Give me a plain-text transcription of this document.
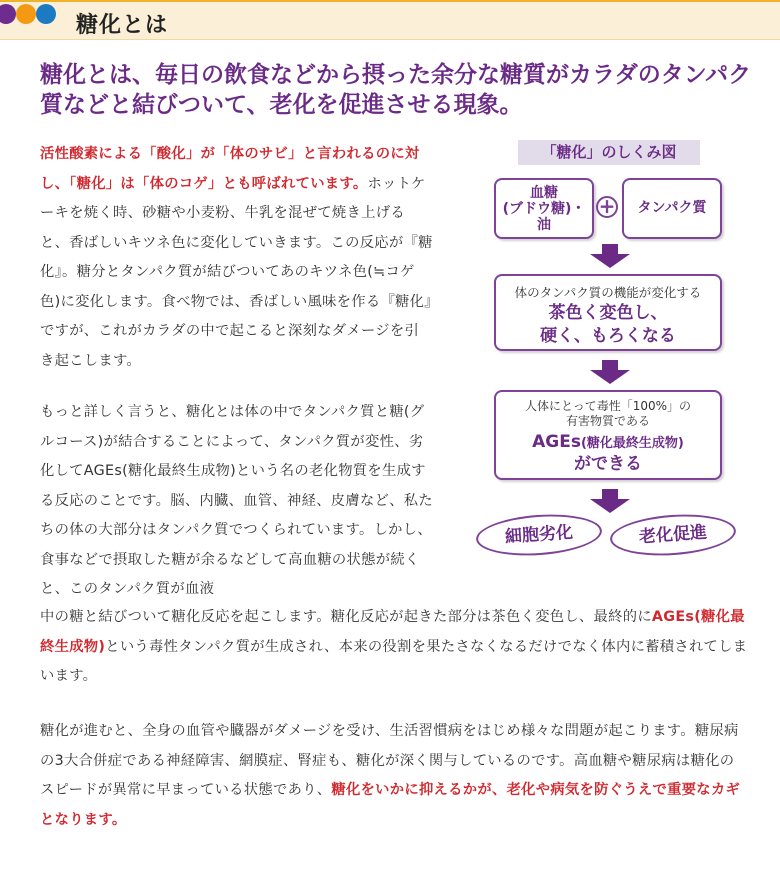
糖化とは
糖化とは、毎日の飲食などから摂った余分な糖質がカラダのタンパク質などと結びついて、老化を促進させる現象。

活性酸素による「酸化」が「体のサビ」と言われるのに対し、「糖化」は「体のコゲ」とも呼ばれています。ホットケーキを焼く時、砂糖や小麦粉、牛乳を混ぜて焼き上げると、香ばしいキツネ色に変化していきます。この反応が『糖化』。糖分とタンパク質が結びついてあのキツネ色(≒コゲ色)に変化します。食べ物では、香ばしい風味を作る『糖化』ですが、これがカラダの中で起こると深刻なダメージを引き起こします。

もっと詳しく言うと、糖化とは体の中でタンパク質と糖(グルコース)が結合することによって、タンパク質が変性、劣化してAGEs(糖化最終生成物)という名の老化物質を生成する反応のことです。脳、内臓、血管、神経、皮膚など、私たちの体の大部分はタンパク質でつくられています。しかし、食事などで摂取した糖が余るなどして高血糖の状態が続くと、このタンパク質が血液

中の糖と結びついて糖化反応を起こします。糖化反応が起きた部分は茶色く変色し、最終的にAGEs(糖化最終生成物)という毒性タンパク質が生成され、本来の役割を果たさなくなるだけでなく体内に蓄積されてしまいます。

糖化が進むと、全身の血管や臓器がダメージを受け、生活習慣病をはじめ様々な問題が起こります。糖尿病の3大合併症である神経障害、網膜症、腎症も、糖化が深く関与しているのです。高血糖や糖尿病は糖化のスピードが異常に早まっている状態であり、糖化をいかに抑えるかが、老化や病気を防ぐうえで重要なカギとなります。

「糖化」のしくみ図
血糖
(ブドウ糖)・
油
+	タンパク質
体のタンパク質の機能が変化する
茶色く変色し、
硬く、もろくなる
人体にとって毒性「100%」の
有害物質である
AGEs(糖化最終生成物)
ができる
細胞劣化	老化促進
